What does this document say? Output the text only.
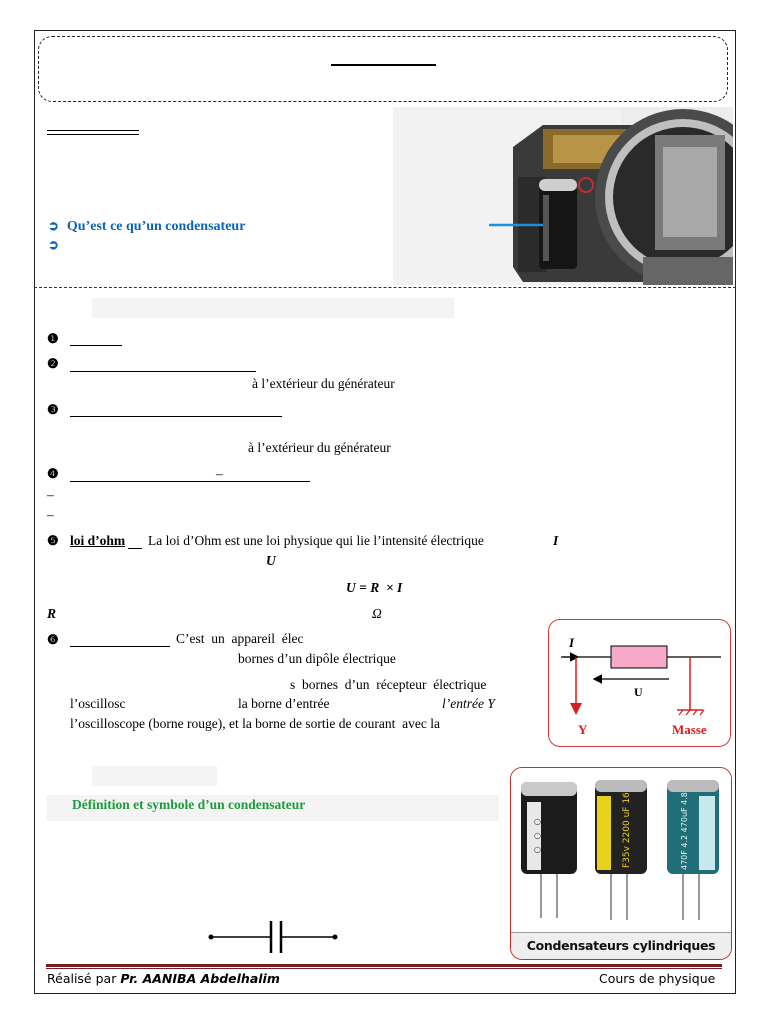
➲ Qu’est ce qu’un condensateur
➲
❶
❷
à l’extérieur du générateur
❸
à l’extérieur du générateur
❹	–
–
–
❺ loi d’ohm La loi d’Ohm est une loi physique qui lie l’intensité électrique	I
U
U = R  × I
R	Ω
❻	C’est  un  appareil  élec
bornes d’un dipôle électrique
s  bornes  d’un  récepteur  électrique
l’oscillosc	la borne d’entrée	l’entrée Y
l’oscilloscope (borne rouge), et la borne de sortie de courant  avec la
I
U
Y	Masse
Définition et symbole d’un condensateur
○
○
○	F35v 2200 uF 16	470F 4.2 470uF 4.8
Condensateurs cylindriques
Réalisé par Pr. AANIBA Abdelhalim	Cours de physique
